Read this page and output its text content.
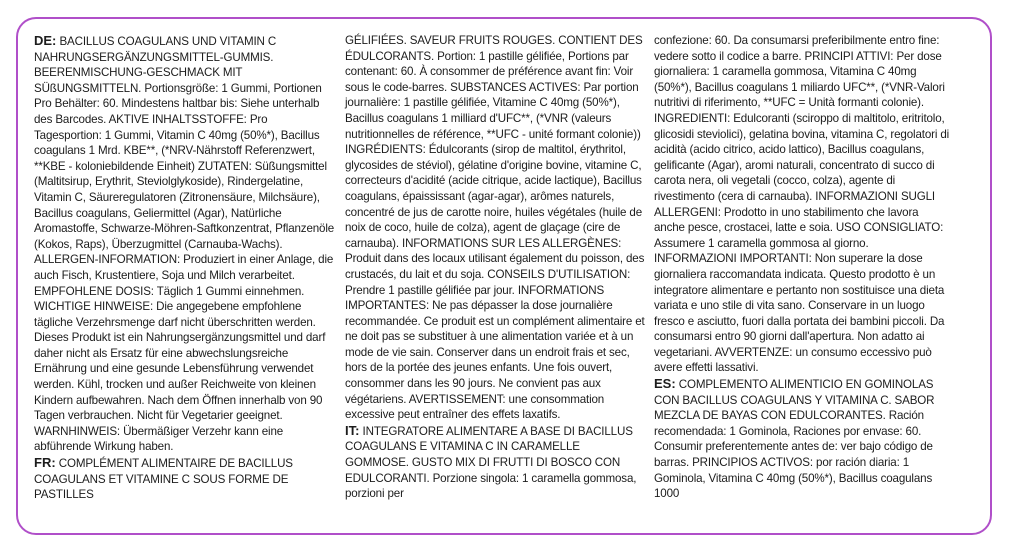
DE: BACILLUS COAGULANS UND VITAMIN C NAHRUNGSERGÄNZUNGSMITTEL-GUMMIS. BEERENMISCHUNG-GESCHMACK MIT SÜßUNGSMITTELN. Portionsgröße: 1 Gummi, Portionen Pro Behälter: 60. Mindestens haltbar bis: Siehe unterhalb des Barcodes. AKTIVE INHALTSSTOFFE: Pro Tagesportion: 1 Gummi, Vitamin C 40mg (50%*), Bacillus coagulans 1 Mrd. KBE**, (*NRV-Nährstoff Referenzwert, **KBE - koloniebildende Einheit) ZUTATEN: Süßungsmittel (Maltitsirup, Erythrit, Steviolglykoside), Rindergelatine, Vitamin C, Säureregulatoren (Zitronensäure, Milchsäure), Bacillus coagulans, Geliermittel (Agar), Natürliche Aromastoffe, Schwarze-Möhren-Saftkonzentrat, Pflanzenöle (Kokos, Raps), Überzugmittel (Carnauba-Wachs). ALLERGEN-INFORMATION: Produziert in einer Anlage, die auch Fisch, Krustentiere, Soja und Milch verarbeitet. EMPFOHLENE DOSIS: Täglich 1 Gummi einnehmen. WICHTIGE HINWEISE: Die angegebene empfohlene tägliche Verzehrsmenge darf nicht überschritten werden. Dieses Produkt ist ein Nahrungsergänzungsmittel und darf daher nicht als Ersatz für eine abwechslungsreiche Ernährung und eine gesunde Lebensführung verwendet werden. Kühl, trocken und außer Reichweite von kleinen Kindern aufbewahren. Nach dem Öffnen innerhalb von 90 Tagen verbrauchen. Nicht für Vegetarier geeignet. WARNHINWEIS: Übermäßiger Verzehr kann eine abführende Wirkung haben.

FR: COMPLÉMENT ALIMENTAIRE DE BACILLUS COAGULANS ET VITAMINE C SOUS FORME DE PASTILLES

GÉLIFIÉES. SAVEUR FRUITS ROUGES. CONTIENT DES ÉDULCORANTS. Portion: 1 pastille gélifiée, Portions par contenant: 60. À consommer de préférence avant fin: Voir sous le code-barres. SUBSTANCES ACTIVES: Par portion journalière: 1 pastille gélifiée, Vitamine C 40mg (50%*), Bacillus coagulans 1 milliard d'UFC**, (*VNR (valeurs nutritionnelles de référence, **UFC - unité formant colonie)) INGRÉDIENTS: Édulcorants (sirop de maltitol, érythritol, glycosides de stéviol), gélatine d'origine bovine, vitamine C, correcteurs d'acidité (acide citrique, acide lactique), Bacillus coagulans, épaississant (agar-agar), arômes naturels, concentré de jus de carotte noire, huiles végétales (huile de noix de coco, huile de colza), agent de glaçage (cire de carnauba). INFORMATIONS SUR LES ALLERGÈNES: Produit dans des locaux utilisant également du poisson, des crustacés, du lait et du soja. CONSEILS D'UTILISATION: Prendre 1 pastille gélifiée par jour. INFORMATIONS IMPORTANTES: Ne pas dépasser la dose journalière recommandée. Ce produit est un complément alimentaire et ne doit pas se substituer à une alimentation variée et à un mode de vie sain. Conserver dans un endroit frais et sec, hors de la portée des jeunes enfants. Une fois ouvert, consommer dans les 90 jours. Ne convient pas aux végétariens. AVERTISSEMENT: une consommation excessive peut entraîner des effets laxatifs.

IT: INTEGRATORE ALIMENTARE A BASE DI BACILLUS COAGULANS E VITAMINA C IN CARAMELLE GOMMOSE. GUSTO MIX DI FRUTTI DI BOSCO CON EDULCORANTI. Porzione singola: 1 caramella gommosa, porzioni per

confezione: 60. Da consumarsi preferibilmente entro fine: vedere sotto il codice a barre. PRINCIPI ATTIVI: Per dose giornaliera: 1 caramella gommosa, Vitamina C 40mg (50%*), Bacillus coagulans 1 miliardo UFC**, (*VNR-Valori nutritivi di riferimento, **UFC = Unità formanti colonie). INGREDIENTI: Edulcoranti (sciroppo di maltitolo, eritritolo, glicosidi steviolici), gelatina bovina, vitamina C, regolatori di acidità (acido citrico, acido lattico), Bacillus coagulans, gelificante (Agar), aromi naturali, concentrato di succo di carota nera, oli vegetali (cocco, colza), agente di rivestimento (cera di carnauba). INFORMAZIONI SUGLI ALLERGENI: Prodotto in uno stabilimento che lavora anche pesce, crostacei, latte e soia. USO CONSIGLIATO: Assumere 1 caramella gommosa al giorno. INFORMAZIONI IMPORTANTI: Non superare la dose giornaliera raccomandata indicata. Questo prodotto è un integratore alimentare e pertanto non sostituisce una dieta variata e uno stile di vita sano. Conservare in un luogo fresco e asciutto, fuori dalla portata dei bambini piccoli. Da consumarsi entro 90 giorni dall'apertura. Non adatto ai vegetariani. AVVERTENZE: un consumo eccessivo può avere effetti lassativi.

ES: COMPLEMENTO ALIMENTICIO EN GOMINOLAS CON BACILLUS COAGULANS Y VITAMINA C. SABOR MEZCLA DE BAYAS CON EDULCORANTES. Ración recomendada: 1 Gominola, Raciones por envase: 60. Consumir preferentemente antes de: ver bajo código de barras. PRINCIPIOS ACTIVOS: por ración diaria: 1 Gominola, Vitamina C 40mg (50%*), Bacillus coagulans 1000
